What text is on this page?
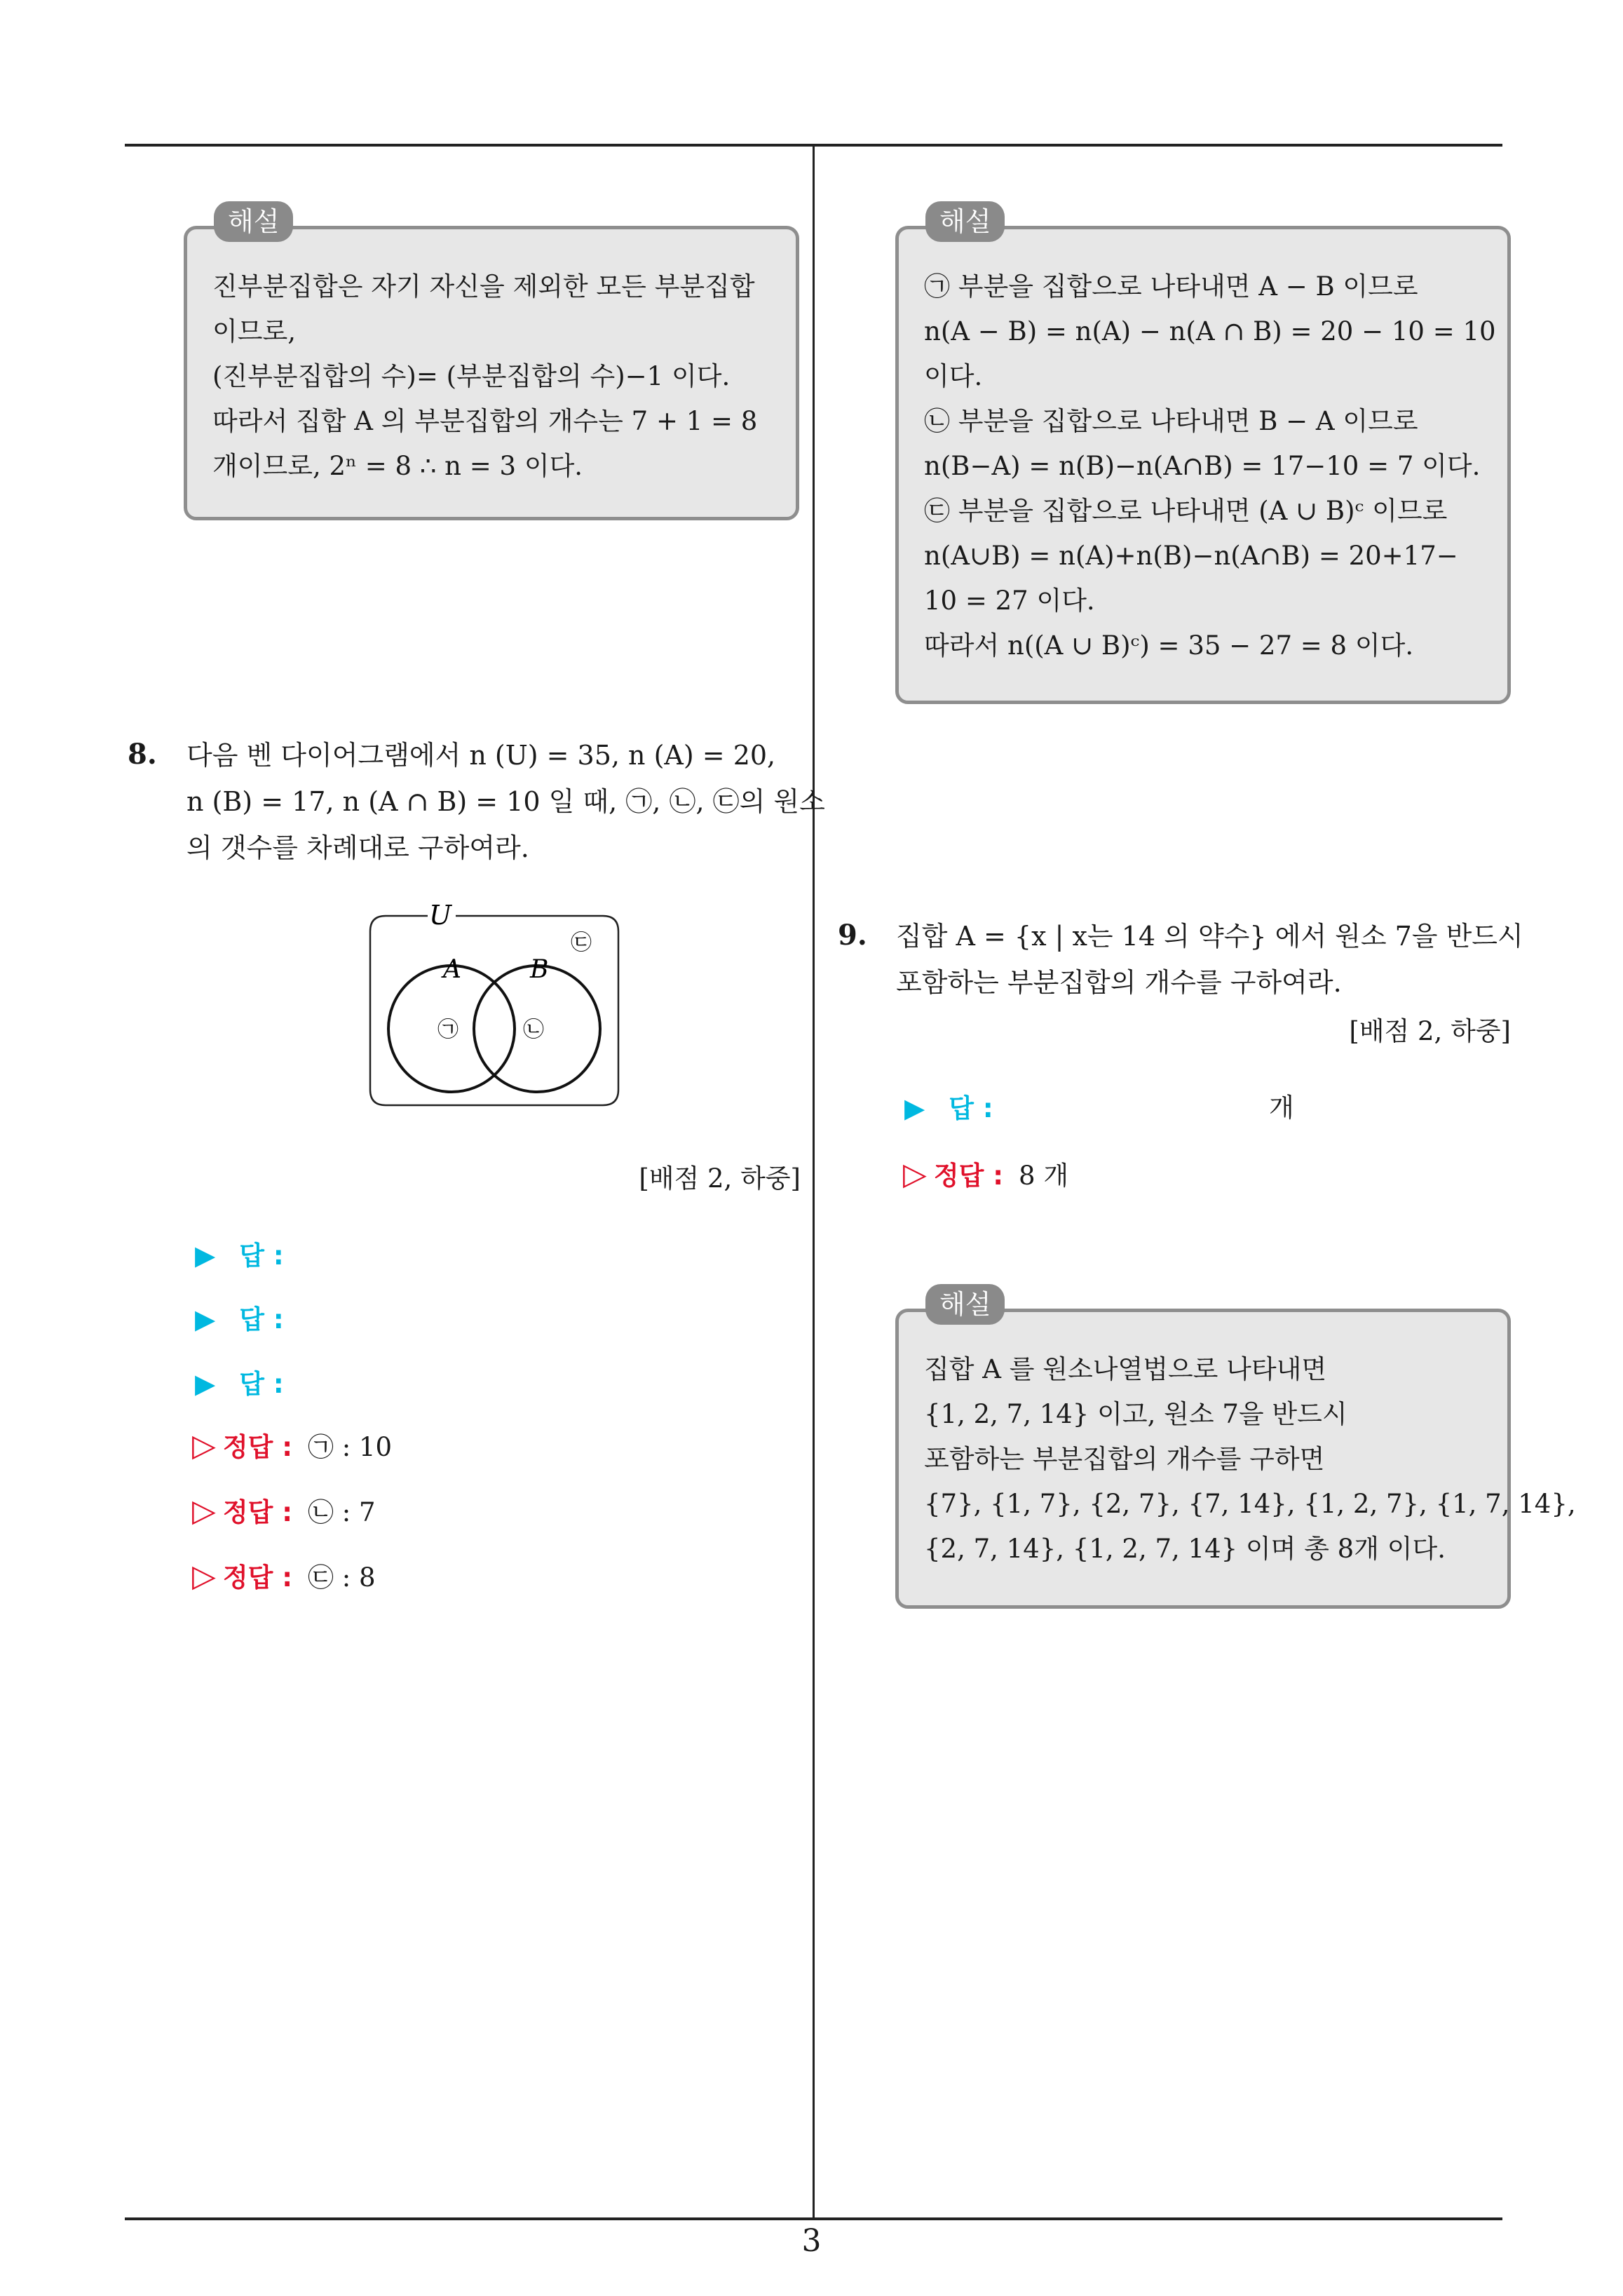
해설
진부분집합은 자기 자신을 제외한 모든 부분집합
이므로,
(진부분집합의 수)= (부분집합의 수)−1 이다.
따라서 집합 A 의 부분집합의 개수는 7 + 1 = 8
개이므로, 2ⁿ = 8 ∴ n = 3 이다.
8. 다음 벤 다이어그램에서 n (U) = 35, n (A) = 20,
n (B) = 17, n (A ∩ B) = 10 일 때, ㉠, ㉡, ㉢의 원소
의 갯수를 차례대로 구하여라.
U
A	B
㉠	㉡
㉢
[배점 2, 하중]
▶ 답 :
▶ 답 :
▶ 답 :
▷ 정답 : ㉠ : 10
▷ 정답 : ㉡ : 7
▷ 정답 : ㉢ : 8
해설
㉠ 부분을 집합으로 나타내면 A − B 이므로
n(A − B) = n(A) − n(A ∩ B) = 20 − 10 = 10
이다.
㉡ 부분을 집합으로 나타내면 B − A 이므로
n(B−A) = n(B)−n(A∩B) = 17−10 = 7 이다.
㉢ 부분을 집합으로 나타내면 (A ∪ B)ᶜ 이므로
n(A∪B) = n(A)+n(B)−n(A∩B) = 20+17−
10 = 27 이다.
따라서 n((A ∪ B)ᶜ) = 35 − 27 = 8 이다.
9. 집합 A = {x | x는 14 의 약수} 에서 원소 7을 반드시
포함하는 부분집합의 개수를 구하여라.
[배점 2, 하중]
▶ 답 :	개
▷ 정답 : 8 개
해설
집합 A 를 원소나열법으로 나타내면
{1, 2, 7, 14} 이고, 원소 7을 반드시
포함하는 부분집합의 개수를 구하면
{7}, {1, 7}, {2, 7}, {7, 14}, {1, 2, 7}, {1, 7, 14},
{2, 7, 14}, {1, 2, 7, 14} 이며 총 8개 이다.
3
